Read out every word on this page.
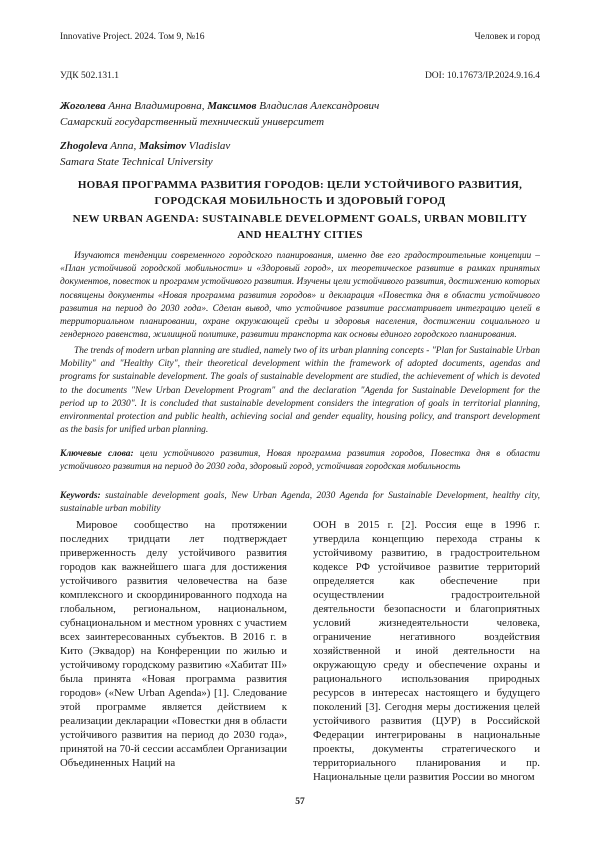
Innovative Project. 2024. Том 9, №16	Человек и город
УДК 502.131.1	DOI: 10.17673/IP.2024.9.16.4
Жоголева Анна Владимировна, Максимов Владислав Александрович
Самарский государственный технический университет
Zhogoleva Anna, Maksimov Vladislav
Samara State Technical University
НОВАЯ ПРОГРАММА РАЗВИТИЯ ГОРОДОВ: ЦЕЛИ УСТОЙЧИВОГО РАЗВИТИЯ, ГОРОДСКАЯ МОБИЛЬНОСТЬ И ЗДОРОВЫЙ ГОРОД
NEW URBAN AGENDA: SUSTAINABLE DEVELOPMENT GOALS, URBAN MOBILITY AND HEALTHY CITIES

Изучаются тенденции современного городского планирования, именно две его градостроительные концепции – «План устойчивой городской мобильности» и «Здоровый город», их теоретическое развитие в рамках принятых документов, повесток и программ устойчивого развития. Изучены цели устойчивого развития, достижению которых посвящены документы «Новая программа развития городов» и декларация «Повестка дня в области устойчивого развития на период до 2030 года». Сделан вывод, что устойчивое развитие рассматривает интеграцию целей в территориальном планировании, охране окружающей среды и здоровья населения, достижении социального и гендерного равенства, жилищной политике, развитии транспорта как основы единого городского планирования.

The trends of modern urban planning are studied, namely two of its urban planning concepts - "Plan for Sustainable Urban Mobility" and "Healthy City", their theoretical development within the framework of adopted documents, agendas and programs for sustainable development. The goals of sustainable development are studied, the achievement of which is devoted to the documents "New Urban Development Program" and the declaration "Agenda for Sustainable Development for the period up to 2030". It is concluded that sustainable development considers the integration of goals in territorial planning, environmental protection and public health, achieving social and gender equality, housing policy, and transport development as the basis for unified urban planning.

Ключевые слова: цели устойчивого развития, Новая программа развития городов, Повестка дня в области устойчивого развития на период до 2030 года, здоровый город, устойчивая городская мобильность

Keywords: sustainable development goals, New Urban Agenda, 2030 Agenda for Sustainable Development, healthy city, sustainable urban mobility

Мировое сообщество на протяжении последних тридцати лет подтверждает приверженность делу устойчивого развития городов как важнейшего шага для достижения устойчивого развития человечества на базе комплексного и скоординированного подхода на глобальном, региональном, национальном, субнациональном и местном уровнях с участием всех заинтересованных субъектов. В 2016 г. в Кито (Эквадор) на Конференции по жилью и устойчивому городскому развитию «Хабитат III» была принята «Новая программа развития городов» («New Urban Agenda») [1]. Следование этой программе является действием к реализации декларации «Повестки дня в области устойчивого развития на период до 2030 года», принятой на 70-й сессии ассамблеи Организации Объединенных Наций на

ООН в 2015 г. [2]. Россия еще в 1996 г. утвердила концепцию перехода страны к устойчивому развитию, в градостроительном кодексе РФ устойчивое развитие территорий определяется как обеспечение при осуществлении градостроительной деятельности безопасности и благоприятных условий жизнедеятельности человека, ограничение негативного воздействия хозяйственной и иной деятельности на окружающую среду и обеспечение охраны и рационального использования природных ресурсов в интересах настоящего и будущего поколений [3]. Сегодня меры достижения целей устойчивого развития (ЦУР) в Российской Федерации интегрированы в национальные проекты, документы стратегического и территориального планирования и пр. Национальные цели развития России во многом

57
